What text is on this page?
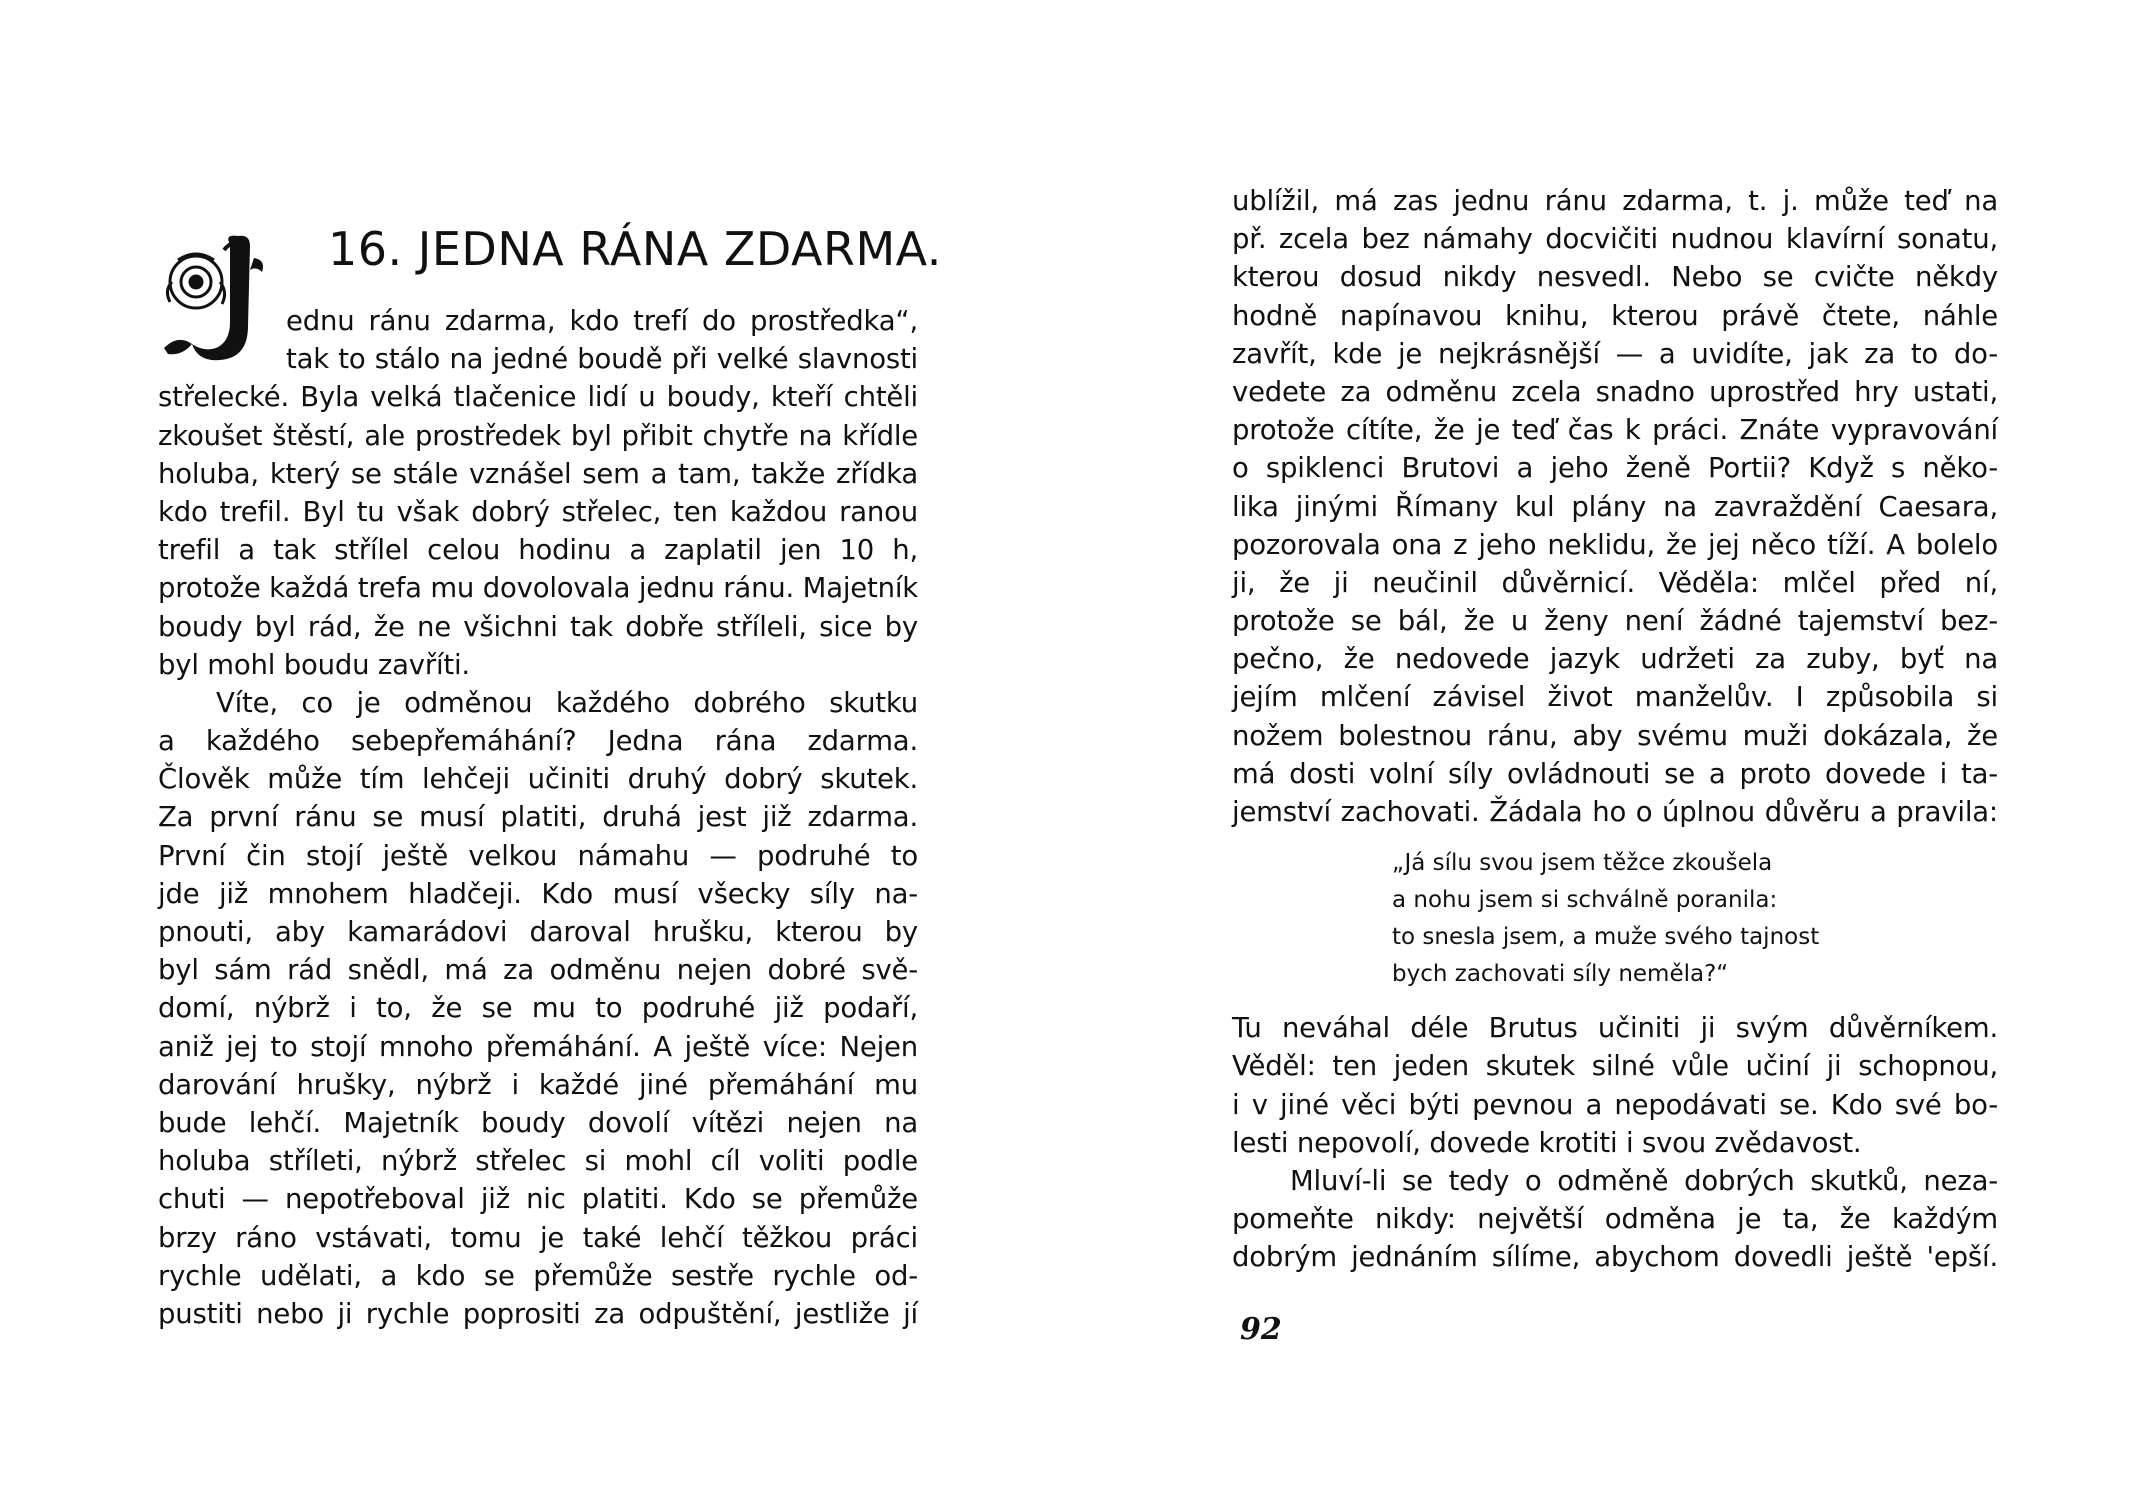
16. JEDNA RÁNA ZDARMA.
ednu ránu zdarma, kdo trefí do prostředka“,
tak to stálo na jedné boudě při velké slavnosti
střelecké. Byla velká tlačenice lidí u boudy, kteří chtěli
zkoušet štěstí, ale prostředek byl přibit chytře na křídle
holuba, který se stále vznášel sem a tam, takže zřídka
kdo trefil. Byl tu však dobrý střelec, ten každou ranou
trefil a tak střílel celou hodinu a zaplatil jen 10 h,
protože každá trefa mu dovolovala jednu ránu. Majetník
boudy byl rád, že ne všichni tak dobře stříleli, sice by
byl mohl boudu zavříti.
Víte, co je odměnou každého dobrého skutku
a každého sebepřemáhání? Jedna rána zdarma.
Člověk může tím lehčeji učiniti druhý dobrý skutek.
Za první ránu se musí platiti, druhá jest již zdarma.
První čin stojí ještě velkou námahu — podruhé to
jde již mnohem hladčeji. Kdo musí všecky síly na-
pnouti, aby kamarádovi daroval hrušku, kterou by
byl sám rád snědl, má za odměnu nejen dobré svě-
domí, nýbrž i to, že se mu to podruhé již podaří,
aniž jej to stojí mnoho přemáhání. A ještě více: Nejen
darování hrušky, nýbrž i každé jiné přemáhání mu
bude lehčí. Majetník boudy dovolí vítězi nejen na
holuba stříleti, nýbrž střelec si mohl cíl voliti podle
chuti — nepotřeboval již nic platiti. Kdo se přemůže
brzy ráno vstávati, tomu je také lehčí těžkou práci
rychle udělati, a kdo se přemůže sestře rychle od-
pustiti nebo ji rychle poprositi za odpuštění, jestliže jí
ublížil, má zas jednu ránu zdarma, t. j. může teď na
př. zcela bez námahy docvičiti nudnou klavírní sonatu,
kterou dosud nikdy nesvedl. Nebo se cvičte někdy
hodně napínavou knihu, kterou právě čtete, náhle
zavřít, kde je nejkrásnější — a uvidíte, jak za to do-
vedete za odměnu zcela snadno uprostřed hry ustati,
protože cítíte, že je teď čas k práci. Znáte vypravování
o spiklenci Brutovi a jeho ženě Portii? Když s něko-
lika jinými Římany kul plány na zavraždění Caesara,
pozorovala ona z jeho neklidu, že jej něco tíží. A bolelo
ji, že ji neučinil důvěrnicí. Věděla: mlčel před ní,
protože se bál, že u ženy není žádné tajemství bez-
pečno, že nedovede jazyk udržeti za zuby, byť na
jejím mlčení závisel život manželův. I způsobila si
nožem bolestnou ránu, aby svému muži dokázala, že
má dosti volní síly ovládnouti se a proto dovede i ta-
jemství zachovati. Žádala ho o úplnou důvěru a pravila:
„Já sílu svou jsem těžce zkoušela
a nohu jsem si schválně poranila:
to snesla jsem, a muže svého tajnost
bych zachovati síly neměla?“
Tu neváhal déle Brutus učiniti ji svým důvěrníkem.
Věděl: ten jeden skutek silné vůle učiní ji schopnou,
i v jiné věci býti pevnou a nepodávati se. Kdo své bo-
lesti nepovolí, dovede krotiti i svou zvědavost.
Mluví-li se tedy o odměně dobrých skutků, neza-
pomeňte nikdy: největší odměna je ta, že každým
dobrým jednáním sílíme, abychom dovedli ještě 'epší.
92
